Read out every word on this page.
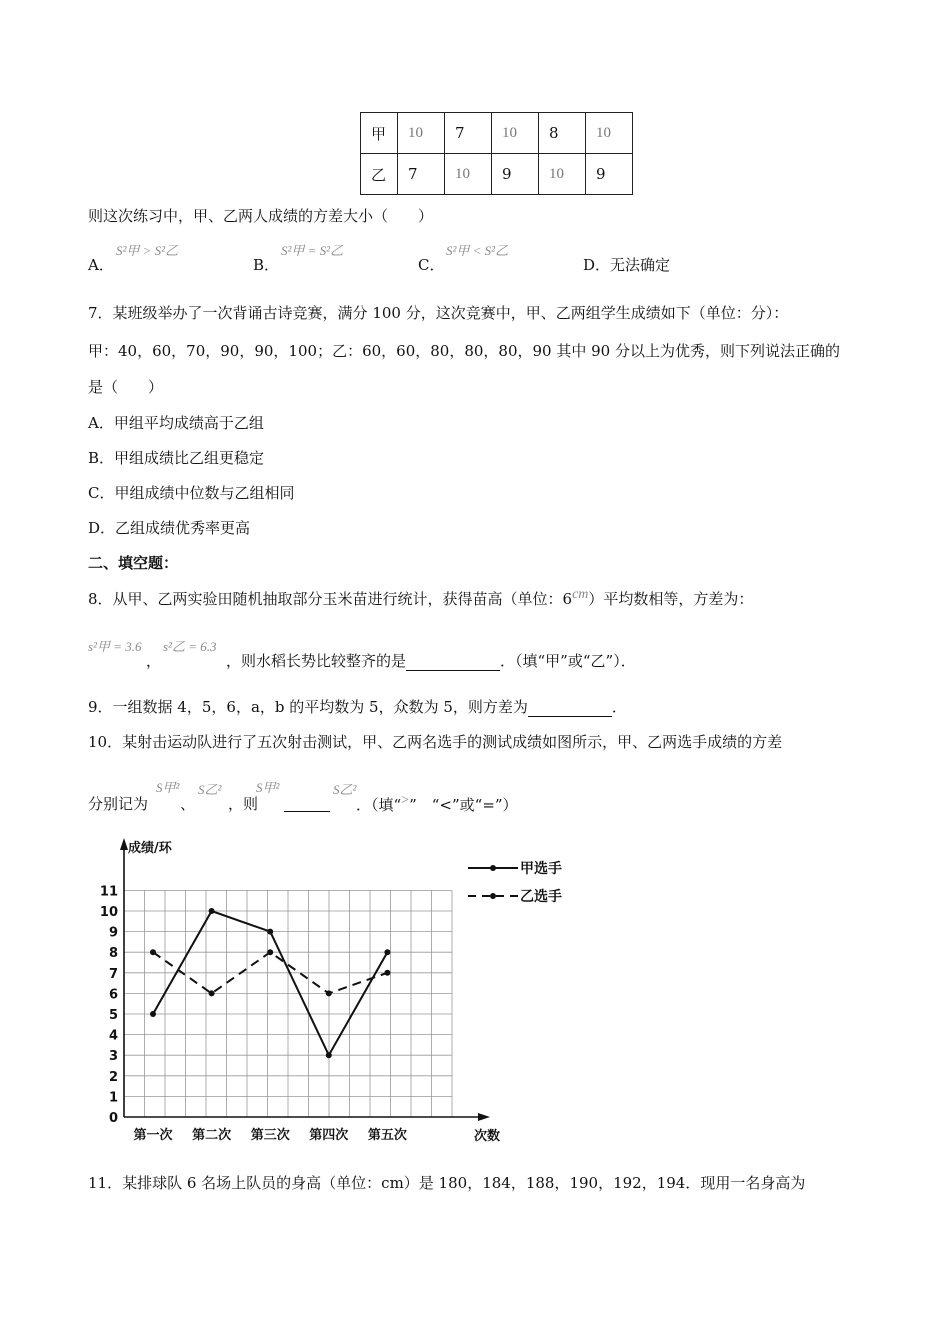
甲	10	7	10	8	10
乙	7	10	9	10	9
则这次练习中，甲、乙两人成绩的方差大小（　　）
A．
S²甲 > S²乙
B．
S²甲 = S²乙
C．
S²甲 < S²乙
D．无法确定
7．某班级举办了一次背诵古诗竞赛，满分 100 分，这次竞赛中，甲、乙两组学生成绩如下（单位：分）：
甲：40，60，70，90，90，100；乙：60，60，80，80，80，90 其中 90 分以上为优秀，则下列说法正确的
是（　　）
A．甲组平均成绩高于乙组
B．甲组成绩比乙组更稳定
C．甲组成绩中位数与乙组相同
D．乙组成绩优秀率更高
二、填空题：
8．从甲、乙两实验田随机抽取部分玉米苗进行统计，获得苗高（单位：$6^{cm}$）平均数相等，方差为：
s²甲 = 3.6
，
s²乙 = 6.3
，则水稻长势比较整齐的是	．（填“甲”或“乙”）．
9．一组数据 4，5，6，a，b 的平均数为 5，众数为 5，则方差为	．
10．某射击运动队进行了五次射击测试，甲、乙两名选手的测试成绩如图所示，甲、乙两选手成绩的方差
分别记为
S甲²
、
S乙²
，则
S甲²
	S乙²
．（填“>”　“<”或“=”）
成绩/环
次数
0
1
2
3
4
5
6
7
8
9
10
11
第一次 第二次 第三次 第四次 第五次
甲选手
乙选手
11．某排球队 6 名场上队员的身高（单位：cm）是 180，184，188，190，192，194．现用一名身高为
